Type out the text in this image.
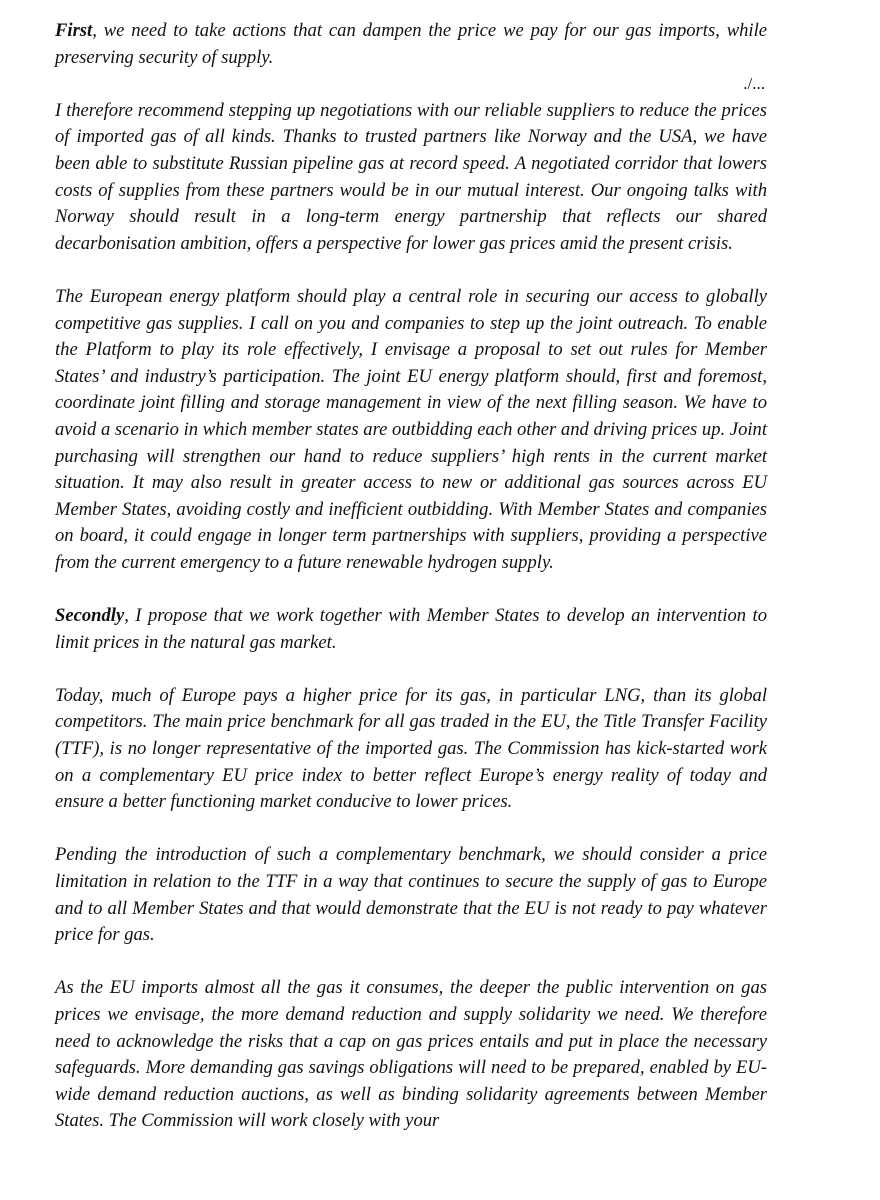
First, we need to take actions that can dampen the price we pay for our gas imports, while preserving security of supply.

./...

I therefore recommend stepping up negotiations with our reliable suppliers to reduce the prices of imported gas of all kinds. Thanks to trusted partners like Norway and the USA, we have been able to substitute Russian pipeline gas at record speed. A negotiated corridor that lowers costs of supplies from these partners would be in our mutual interest. Our ongoing talks with Norway should result in a long-term energy partnership that reflects our shared decarbonisation ambition, offers a perspective for lower gas prices amid the present crisis.

The European energy platform should play a central role in securing our access to globally competitive gas supplies. I call on you and companies to step up the joint outreach. To enable the Platform to play its role effectively, I envisage a proposal to set out rules for Member States’ and industry’s participation. The joint EU energy platform should, first and foremost, coordinate joint filling and storage management in view of the next filling season. We have to avoid a scenario in which member states are outbidding each other and driving prices up. Joint purchasing will strengthen our hand to reduce suppliers’ high rents in the current market situation. It may also result in greater access to new or additional gas sources across EU Member States, avoiding costly and inefficient outbidding. With Member States and companies on board, it could engage in longer term partnerships with suppliers, providing a perspective from the current emergency to a future renewable hydrogen supply.

Secondly, I propose that we work together with Member States to develop an intervention to limit prices in the natural gas market.

Today, much of Europe pays a higher price for its gas, in particular LNG, than its global competitors. The main price benchmark for all gas traded in the EU, the Title Transfer Facility (TTF), is no longer representative of the imported gas. The Commission has kick-started work on a complementary EU price index to better reflect Europe’s energy reality of today and ensure a better functioning market conducive to lower prices.

Pending the introduction of such a complementary benchmark, we should consider a price limitation in relation to the TTF in a way that continues to secure the supply of gas to Europe and to all Member States and that would demonstrate that the EU is not ready to pay whatever price for gas.

As the EU imports almost all the gas it consumes, the deeper the public intervention on gas prices we envisage, the more demand reduction and supply solidarity we need. We therefore need to acknowledge the risks that a cap on gas prices entails and put in place the necessary safeguards. More demanding gas savings obligations will need to be prepared, enabled by EU-wide demand reduction auctions, as well as binding solidarity agreements between Member States. The Commission will work closely with your
